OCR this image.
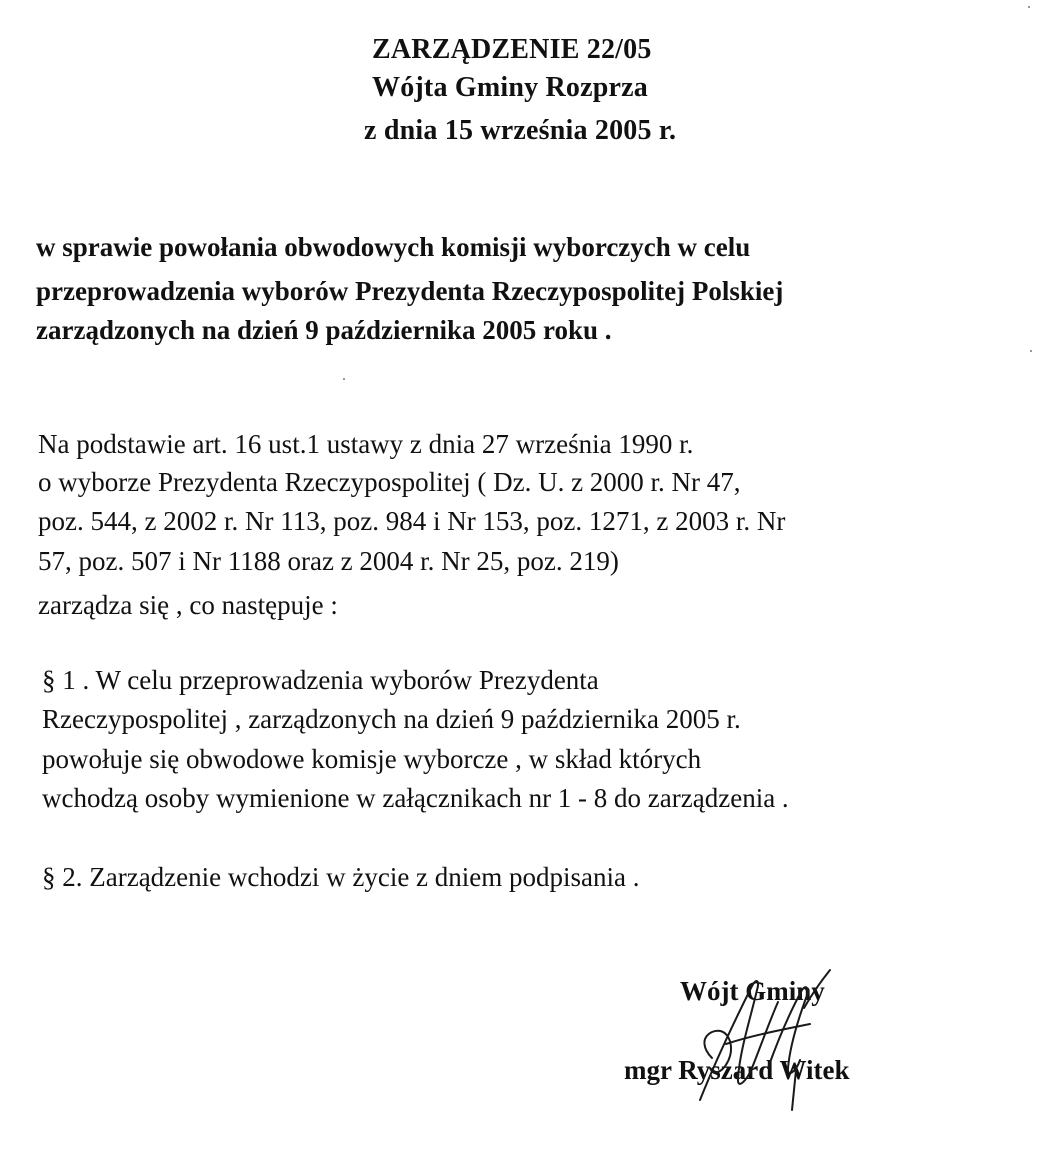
ZARZĄDZENIE 22/05
Wójta Gminy Rozprza
z dnia 15 września 2005 r.
w sprawie powołania obwodowych komisji wyborczych w celu
przeprowadzenia wyborów Prezydenta Rzeczypospolitej Polskiej
zarządzonych na dzień 9 października 2005 roku .
Na podstawie art. 16 ust.1 ustawy z dnia 27 września 1990 r.
o wyborze Prezydenta Rzeczypospolitej ( Dz. U. z 2000 r. Nr 47,
poz. 544, z 2002 r. Nr 113, poz. 984 i Nr 153, poz. 1271, z 2003 r. Nr
57, poz. 507 i Nr 1188 oraz z 2004 r. Nr 25, poz. 219)
zarządza się , co następuje :
§ 1 . W celu przeprowadzenia wyborów Prezydenta
Rzeczypospolitej , zarządzonych na dzień 9 października 2005 r.
powołuje się obwodowe komisje wyborcze , w skład których
wchodzą osoby wymienione w załącznikach nr 1 - 8 do zarządzenia .
§ 2. Zarządzenie wchodzi w życie z dniem podpisania .
Wójt Gminy
mgr Ryszard Witek
